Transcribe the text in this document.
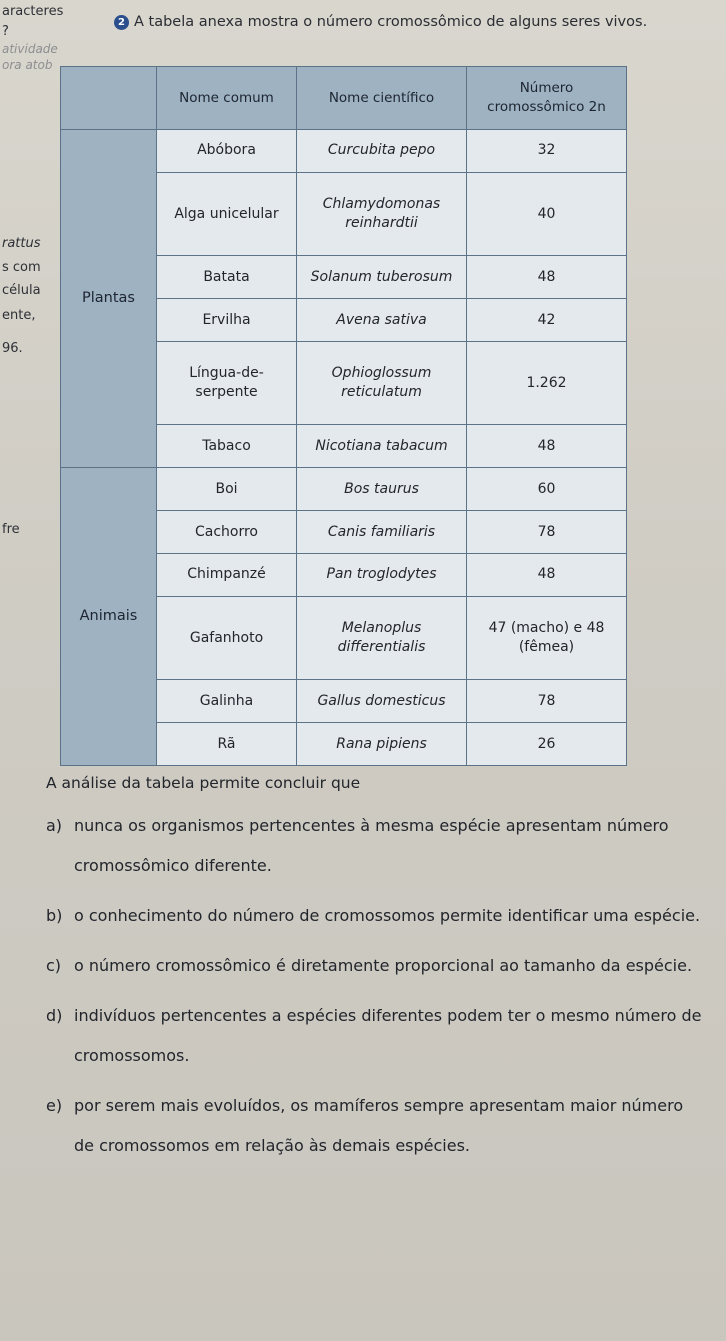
aracteres
?
atividade
ora atob
rattus
s com
célula
ente,
96.
fre
2 A tabela anexa mostra o número cromossômico de alguns seres vivos.
	Nome comum	Nome científico	Número cromossômico 2n
Plantas	Abóbora	Curcubita pepo	32
	Alga unicelular	Chlamydomonas reinhardtii	40
	Batata	Solanum tuberosum	48
	Ervilha	Avena sativa	42
	Língua-de-serpente	Ophioglossum reticulatum	1.262
	Tabaco	Nicotiana tabacum	48
Animais	Boi	Bos taurus	60
	Cachorro	Canis familiaris	78
	Chimpanzé	Pan troglodytes	48
	Gafanhoto	Melanoplus differentialis	47 (macho) e 48 (fêmea)
	Galinha	Gallus domesticus	78
	Rã	Rana pipiens	26

A análise da tabela permite concluir que

a) nunca os organismos pertencentes à mesma espécie apresentam número cromossômico diferente.
b) o conhecimento do número de cromossomos permite identificar uma espécie.
c) o número cromossômico é diretamente proporcional ao tamanho da espécie.
d) indivíduos pertencentes a espécies diferentes podem ter o mesmo número de cromossomos.
e) por serem mais evoluídos, os mamíferos sempre apresentam maior número de cromossomos em relação às demais espécies.
